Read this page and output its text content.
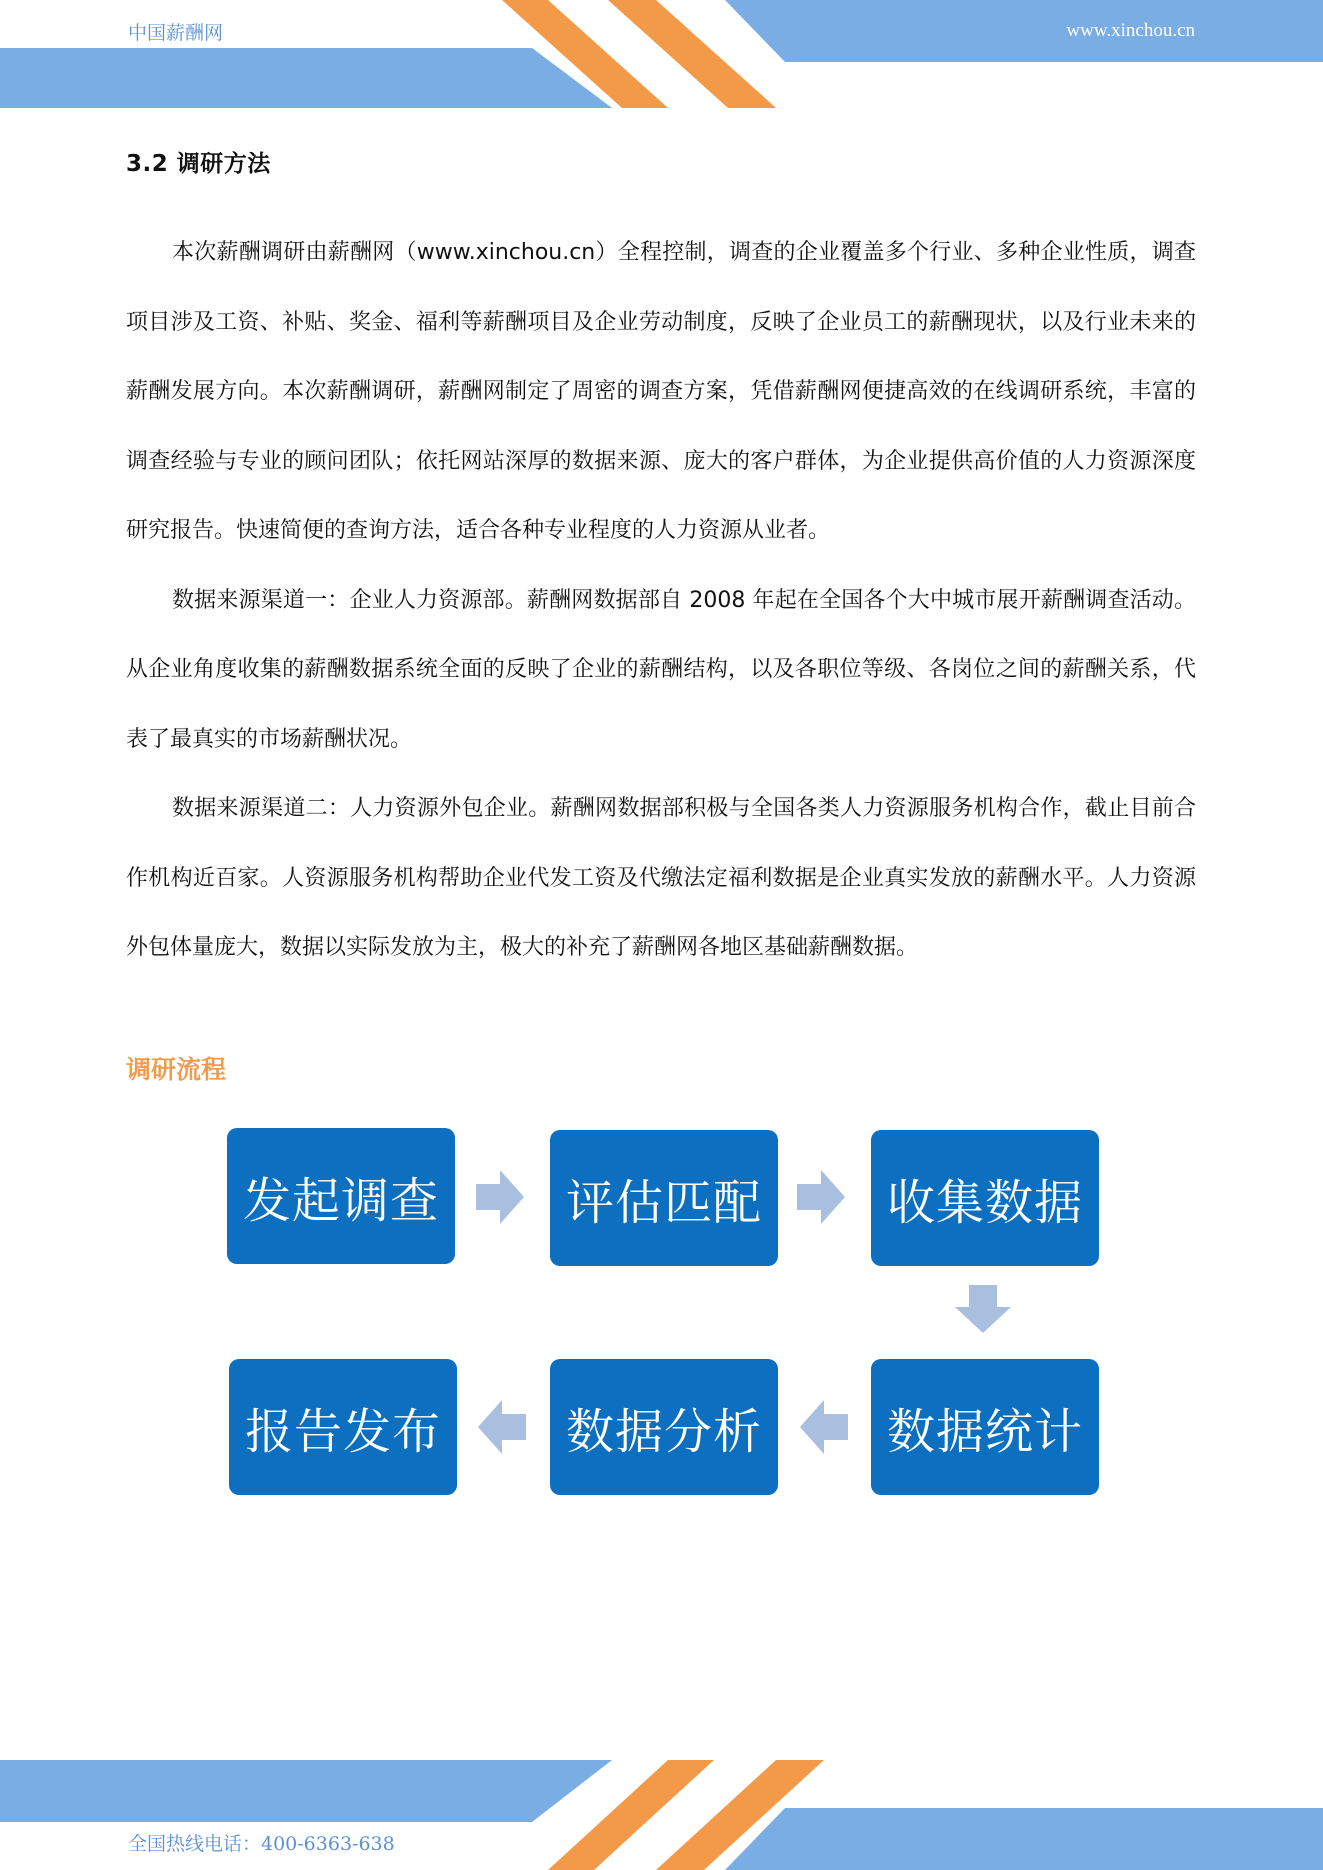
中国薪酬网	www.xinchou.cn
3.2 调研方法

本次薪酬调研由薪酬网（www.xinchou.cn）全程控制，调查的企业覆盖多个行业、多种企业性质，调查项目涉及工资、补贴、奖金、福利等薪酬项目及企业劳动制度，反映了企业员工的薪酬现状，以及行业未来的薪酬发展方向。本次薪酬调研，薪酬网制定了周密的调查方案，凭借薪酬网便捷高效的在线调研系统，丰富的调查经验与专业的顾问团队；依托网站深厚的数据来源、庞大的客户群体，为企业提供高价值的人力资源深度研究报告。快速简便的查询方法，适合各种专业程度的人力资源从业者。

数据来源渠道一：企业人力资源部。薪酬网数据部自 2008 年起在全国各个大中城市展开薪酬调查活动。从企业角度收集的薪酬数据系统全面的反映了企业的薪酬结构，以及各职位等级、各岗位之间的薪酬关系，代表了最真实的市场薪酬状况。

数据来源渠道二：人力资源外包企业。薪酬网数据部积极与全国各类人力资源服务机构合作，截止目前合作机构近百家。人资源服务机构帮助企业代发工资及代缴法定福利数据是企业真实发放的薪酬水平。人力资源外包体量庞大，数据以实际发放为主，极大的补充了薪酬网各地区基础薪酬数据。

调研流程
发起调查	评估匹配	收集数据
数据统计
数据分析
报告发布
全国热线电话：400-6363-638
